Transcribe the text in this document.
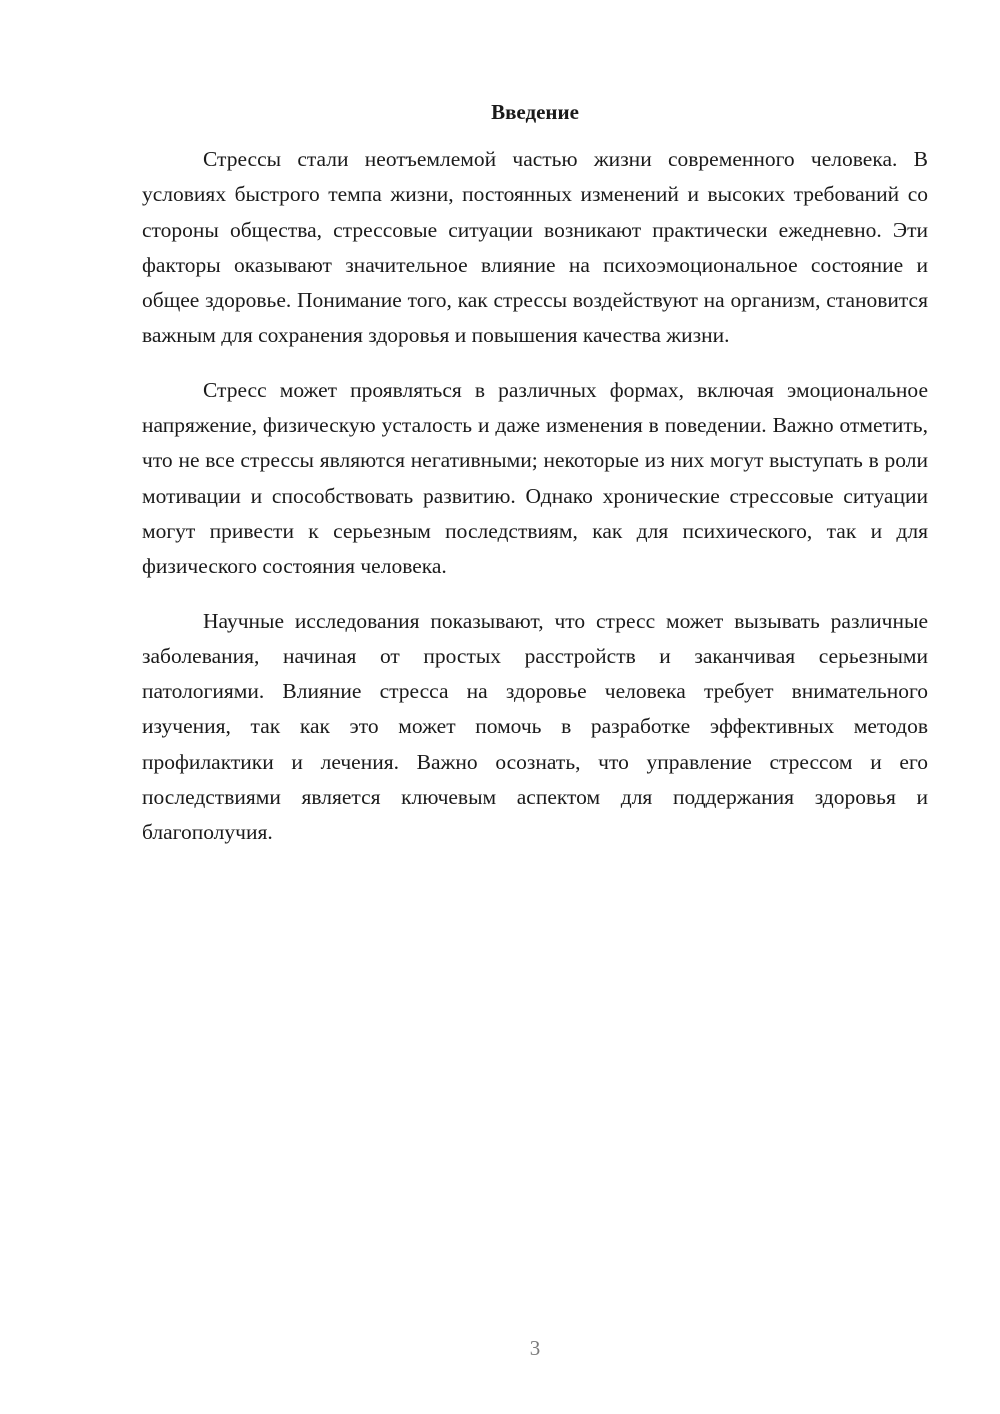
Введение

Стрессы стали неотъемлемой частью жизни современного человека. В условиях быстрого темпа жизни, постоянных изменений и высоких требований со стороны общества, стрессовые ситуации возникают практически ежедневно. Эти факторы оказывают значительное влияние на психоэмоциональное состояние и общее здоровье. Понимание того, как стрессы воздействуют на организм, становится важным для сохранения здоровья и повышения качества жизни.

Стресс может проявляться в различных формах, включая эмоциональное напряжение, физическую усталость и даже изменения в поведении. Важно отметить, что не все стрессы являются негативными; некоторые из них могут выступать в роли мотивации и способствовать развитию. Однако хронические стрессовые ситуации могут привести к серьезным последствиям, как для психического, так и для физического состояния человека.

Научные исследования показывают, что стресс может вызывать различные заболевания, начиная от простых расстройств и заканчивая серьезными патологиями. Влияние стресса на здоровье человека требует внимательного изучения, так как это может помочь в разработке эффективных методов профилактики и лечения. Важно осознать, что управление стрессом и его последствиями является ключевым аспектом для поддержания здоровья и благополучия.

3
